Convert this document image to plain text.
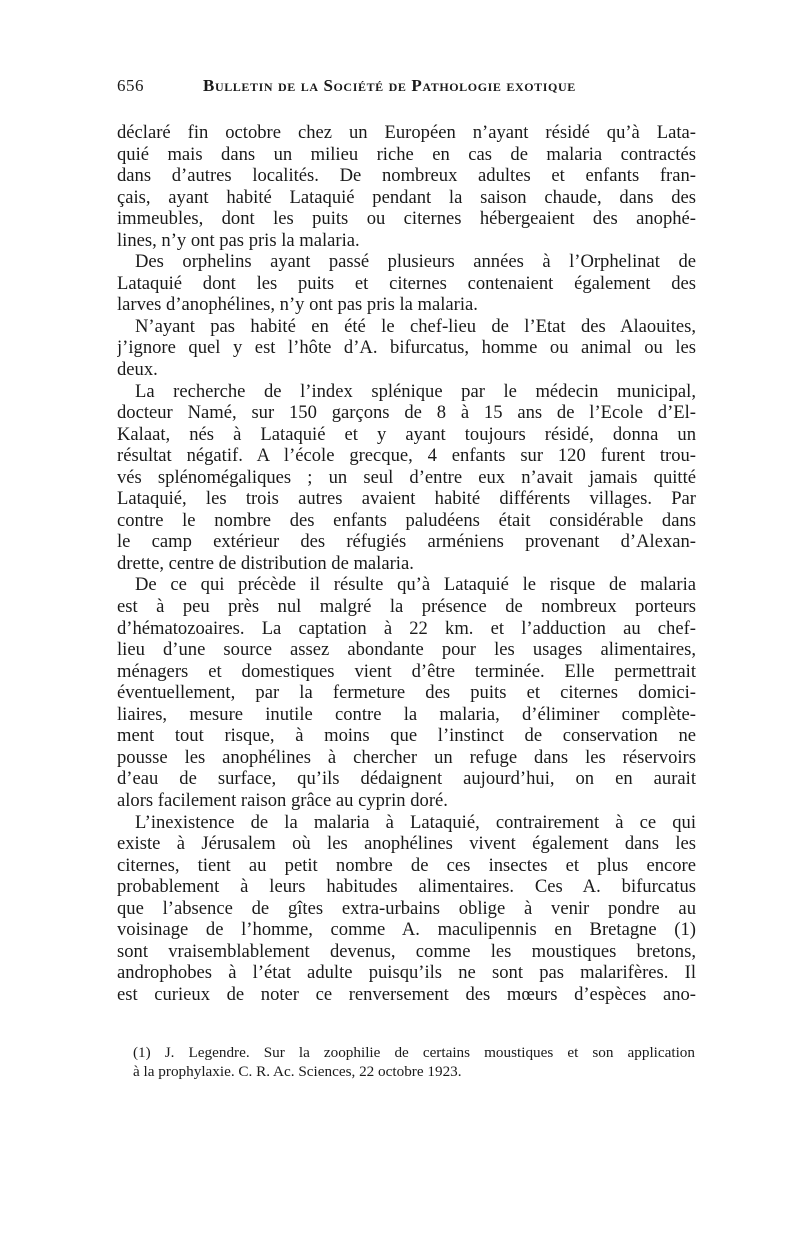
656	Bulletin de la Société de Pathologie exotique
déclaré fin octobre chez un Européen n’ayant résidé qu’à Lata-
quié mais dans un milieu riche en cas de malaria contractés
dans d’autres localités. De nombreux adultes et enfants fran-
çais, ayant habité Lataquié pendant la saison chaude, dans des
immeubles, dont les puits ou citernes hébergeaient des anophé-
lines, n’y ont pas pris la malaria.
Des orphelins ayant passé plusieurs années à l’Orphelinat de
Lataquié dont les puits et citernes contenaient également des
larves d’anophélines, n’y ont pas pris la malaria.
N’ayant pas habité en été le chef-lieu de l’Etat des Alaouites,
j’ignore quel y est l’hôte d’A. bifurcatus, homme ou animal ou les
deux.
La recherche de l’index splénique par le médecin municipal,
docteur Namé, sur 150 garçons de 8 à 15 ans de l’Ecole d’El-
Kalaat, nés à Lataquié et y ayant toujours résidé, donna un
résultat négatif. A l’école grecque, 4 enfants sur 120 furent trou-
vés splénomégaliques ; un seul d’entre eux n’avait jamais quitté
Lataquié, les trois autres avaient habité différents villages. Par
contre le nombre des enfants paludéens était considérable dans
le camp extérieur des réfugiés arméniens provenant d’Alexan-
drette, centre de distribution de malaria.
De ce qui précède il résulte qu’à Lataquié le risque de malaria
est à peu près nul malgré la présence de nombreux porteurs
d’hématozoaires. La captation à 22 km. et l’adduction au chef-
lieu d’une source assez abondante pour les usages alimentaires,
ménagers et domestiques vient d’être terminée. Elle permettrait
éventuellement, par la fermeture des puits et citernes domici-
liaires, mesure inutile contre la malaria, d’éliminer complète-
ment tout risque, à moins que l’instinct de conservation ne
pousse les anophélines à chercher un refuge dans les réservoirs
d’eau de surface, qu’ils dédaignent aujourd’hui, on en aurait
alors facilement raison grâce au cyprin doré.
L’inexistence de la malaria à Lataquié, contrairement à ce qui
existe à Jérusalem où les anophélines vivent également dans les
citernes, tient au petit nombre de ces insectes et plus encore
probablement à leurs habitudes alimentaires. Ces A. bifurcatus
que l’absence de gîtes extra-urbains oblige à venir pondre au
voisinage de l’homme, comme A. maculipennis en Bretagne (1)
sont vraisemblablement devenus, comme les moustiques bretons,
androphobes à l’état adulte puisqu’ils ne sont pas malarifères. Il
est curieux de noter ce renversement des mœurs d’espèces ano-
(1) J. Legendre. Sur la zoophilie de certains moustiques et son application
à la prophylaxie. C. R. Ac. Sciences, 22 octobre 1923.
